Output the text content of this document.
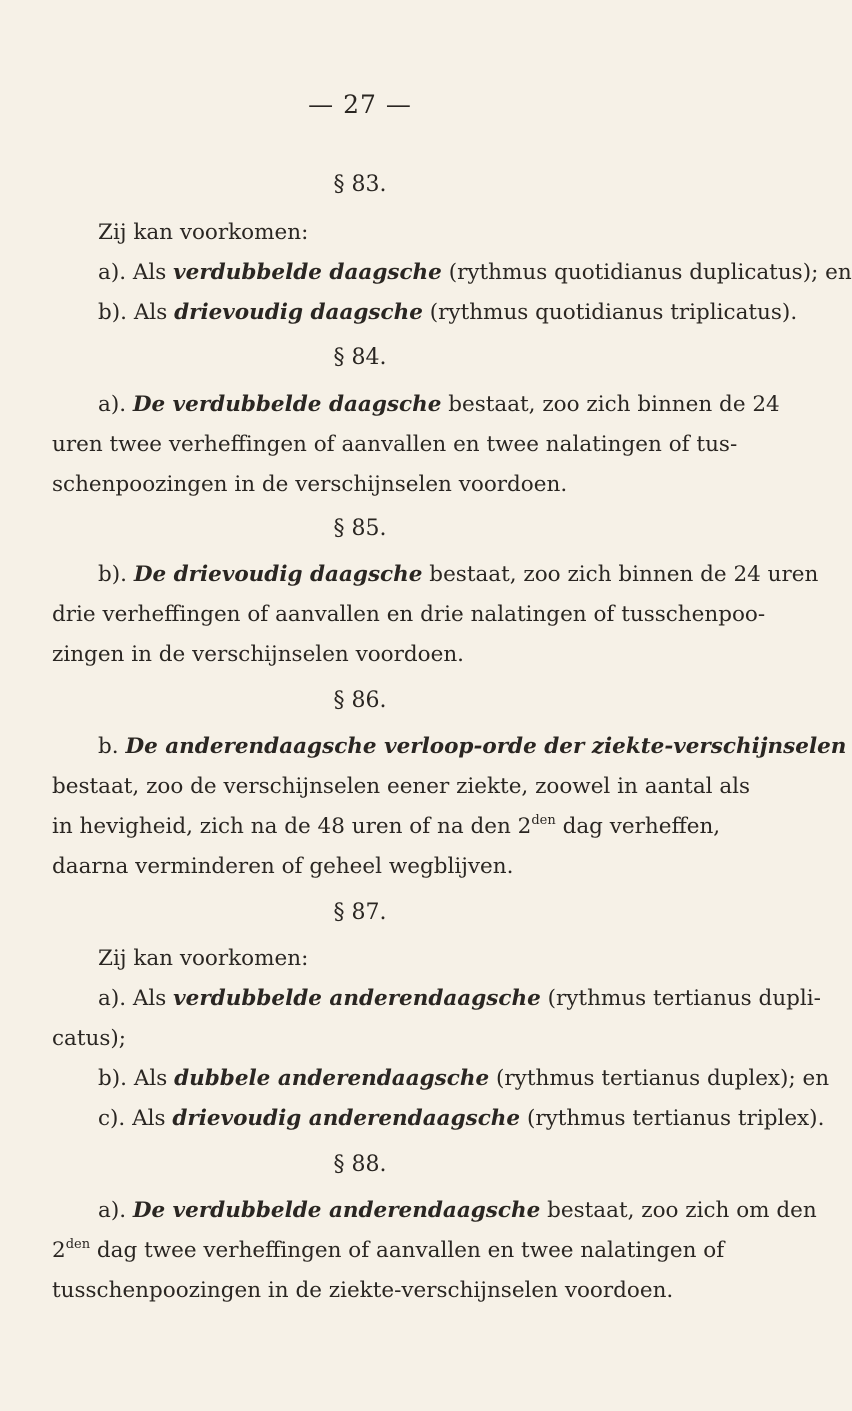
— 27 —
§ 83.
Zij kan voorkomen:
a). Als verdubbelde daagsche (rythmus quotidianus duplicatus); en
b). Als drievoudig daagsche (rythmus quotidianus triplicatus).
§ 84.
a). De verdubbelde daagsche bestaat, zoo zich binnen de 24
uren twee verheffingen of aanvallen en twee nalatingen of tus-
schenpoozingen in de verschijnselen voordoen.
§ 85.
b). De drievoudig daagsche bestaat, zoo zich binnen de 24 uren
drie verheffingen of aanvallen en drie nalatingen of tusschenpoo-
zingen in de verschijnselen voordoen.
§ 86.
b. De anderendaagsche verloop-orde der ziekte-verschijnselen
bestaat, zoo de verschijnselen eener ziekte, zoowel in aantal als
in hevigheid, zich na de 48 uren of na den $2^{den}$ dag verheffen,
daarna verminderen of geheel wegblijven.
§ 87.
Zij kan voorkomen:
a). Als verdubbelde anderendaagsche (rythmus tertianus dupli-
catus);
b). Als dubbele anderendaagsche (rythmus tertianus duplex); en
c). Als drievoudig anderendaagsche (rythmus tertianus triplex).
§ 88.
a). De verdubbelde anderendaagsche bestaat, zoo zich om den
$2^{den}$ dag twee verheffingen of aanvallen en twee nalatingen of
tusschenpoozingen in de ziekte-verschijnselen voordoen.
